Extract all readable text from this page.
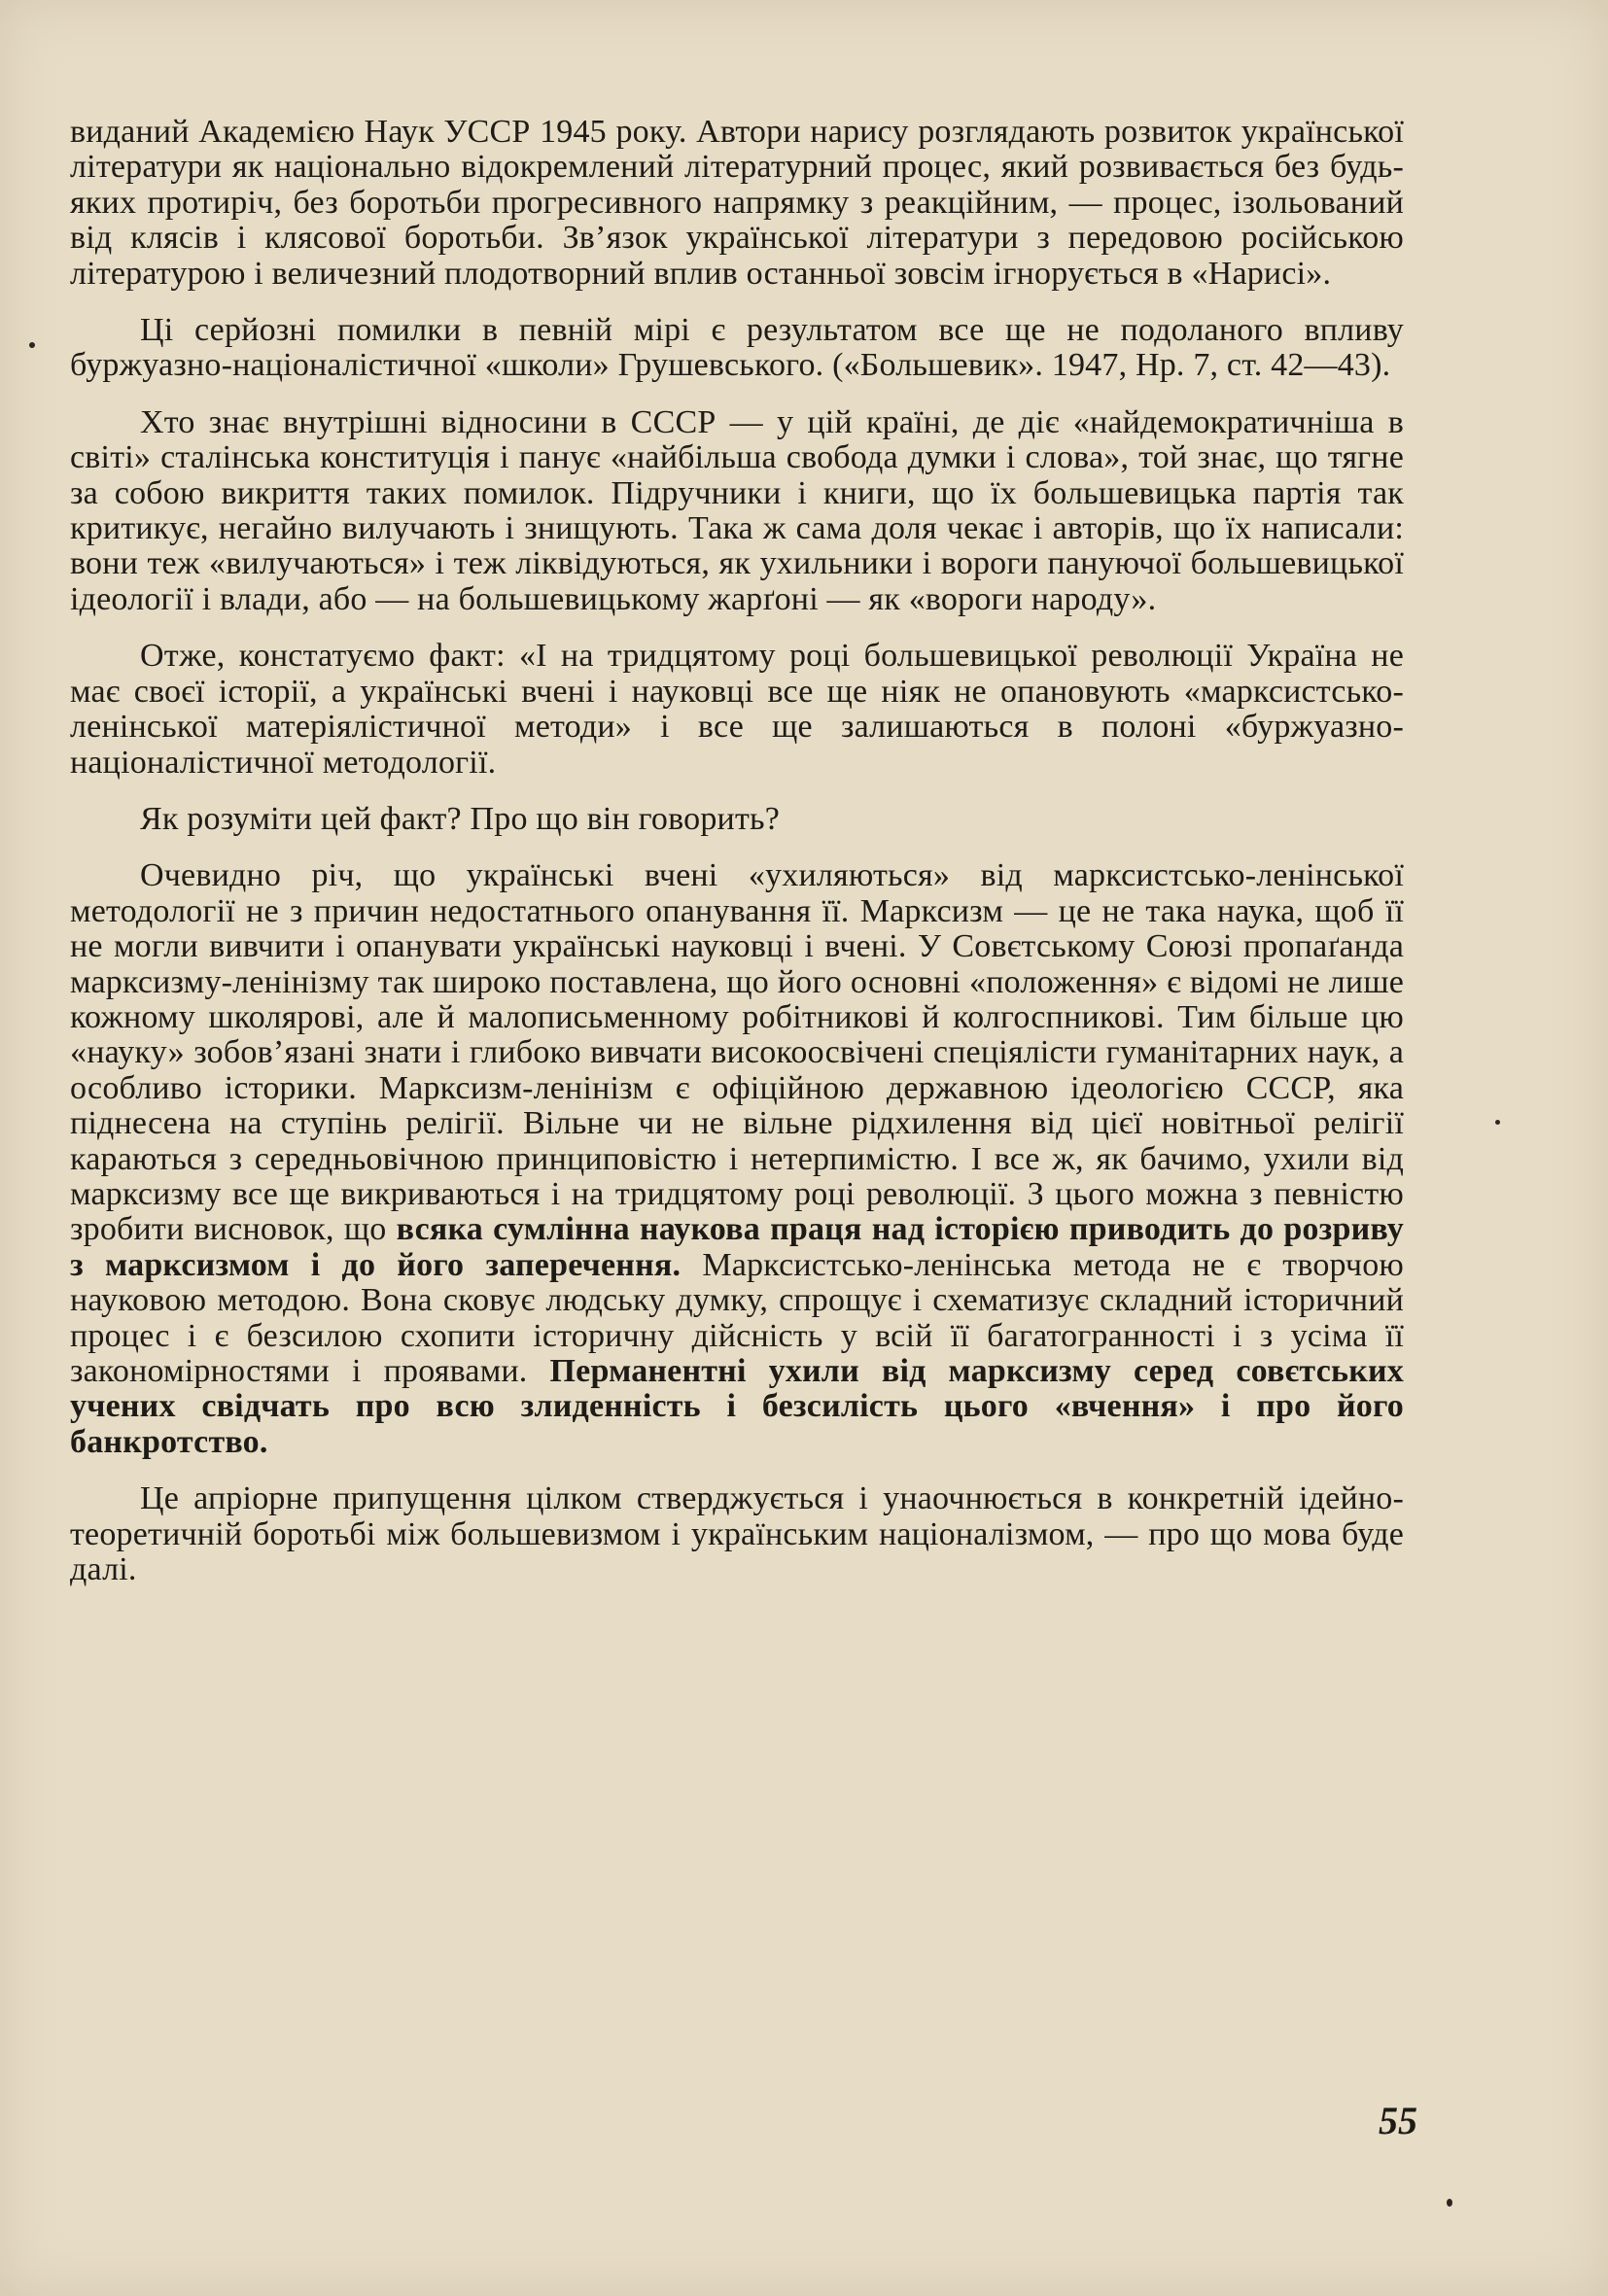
виданий Академією Наук УССР 1945 року. Автори нарису розглядають розвиток української літератури як національно відокремлений літературний процес, який розвивається без будь-яких протиріч, без боротьби прогресивного напрямку з реакційним, — процес, ізольований від клясів і клясової боротьби. Зв’язок української літератури з передовою російською літературою і величезний плодотворний вплив останньої зовсім ігнорується в «Нарисі».

Ці серйозні помилки в певній мірі є результатом все ще не подоланого впливу буржуазно-націоналістичної «школи» Грушевського. («Большевик». 1947, Нр. 7, ст. 42—43).

Хто знає внутрішні відносини в СССР — у цій країні, де діє «найдемократичніша в світі» сталінська конституція і панує «найбільша свобода думки і слова», той знає, що тягне за собою викриття таких помилок. Підручники і книги, що їх большевицька партія так критикує, негайно вилучають і знищують. Така ж сама доля чекає і авторів, що їх написали: вони теж «вилучаються» і теж ліквідуються, як ухильники і вороги пануючої большевицької ідеології і влади, або — на большевицькому жарґоні — як «вороги народу».

Отже, констатуємо факт: «І на тридцятому році большевицької революції Україна не має своєї історії, а українські вчені і науковці все ще ніяк не опановують «марксистсько-ленінської матеріялістичної методи» і все ще залишаються в полоні «буржуазно-націоналістичної методології.

Як розуміти цей факт? Про що він говорить?

Очевидно річ, що українські вчені «ухиляються» від марксистсько-ленінської методології не з причин недостатнього опанування її. Марксизм — це не така наука, щоб її не могли вивчити і опанувати українські науковці і вчені. У Совєтському Союзі пропаґанда марксизму-ленінізму так широко поставлена, що його основні «положення» є відомі не лише кожному школярові, але й малописьменному робітникові й колгоспникові. Тим більше цю «науку» зобов’язані знати і глибоко вивчати високоосвічені спеціялісти гуманітарних наук, а особливо історики. Марксизм-ленінізм є офіційною державною ідеологією СССР, яка піднесена на ступінь релігії. Вільне чи не вільне рідхилення від цієї новітньої релігії караються з середньовічною принциповістю і нетерпимістю. І все ж, як бачимо, ухили від марксизму все ще викриваються і на тридцятому році революції. З цього можна з певністю зробити висновок, що всяка сумлінна наукова праця над історією приводить до розриву з марксизмом і до його заперечення. Марксистсько-ленінська метода не є творчою науковою методою. Вона сковує людську думку, спрощує і схематизує складний історичний процес і є безсилою схопити історичну дійсність у всій її багатогранності і з усіма її закономірностями і проявами. Перманентні ухили від марксизму серед совєтських учених свідчать про всю злиденність і безсилість цього «вчення» і про його банкротство.

Це апріорне припущення цілком стверджується і унаочнюється в конкретній ідейно-теоретичній боротьбі між большевизмом і українським націоналізмом, — про що мова буде далі.

55
